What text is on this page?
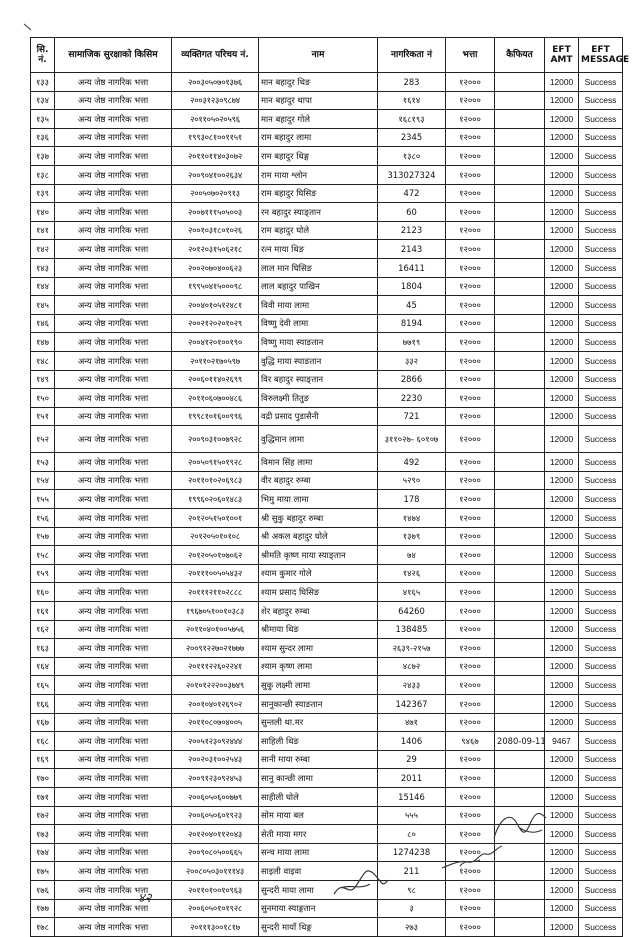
सि. नं.	सामाजिक सुरक्षाको किसिम	व्यक्तिगत परिचय नं.	नाम	नागरिकता नं	भत्ता	कैफियत	EFT AMT	EFT MESSAGE
१३३	अन्य जेष्ठ नागरिक भत्ता	२००३०५०७०१३७६	मान बहादुर थिङ	283	१२०००		12000	Success
१३४	अन्य जेष्ठ नागरिक भत्ता	२००३१२३०९८७४	मान बहादुर थापा	१६१४	१२०००		12000	Success
१३५	अन्य जेष्ठ नागरिक भत्ता	२०११०५०२०५९६	मान बहादुर गोले	१६८१९३	१२०००		12000	Success
१३६	अन्य जेष्ठ नागरिक भत्ता	१९९३०८१००११५१	राम बहादुर लामा	2345	१२०००		12000	Success
१३७	अन्य जेष्ठ नागरिक भत्ता	२०११०११४०३०७२	राम बहादुर थिङ्ग	१३८०	१२०००		12000	Success
१३८	अन्य जेष्ठ नागरिक भत्ता	२००९०४१००२६३४	राम माया श्लोन	313027324	१२०००		12000	Success
१३९	अन्य जेष्ठ नागरिक भत्ता	२००५०७०२०९१३	राम बहादुर घिसिङ	472	१२०००		12000	Success
१४०	अन्य जेष्ठ नागरिक भत्ता	२००७१११५०५००३	रन बहादुर स्याङ्तान	60	१२०००		12000	Success
१४१	अन्य जेष्ठ नागरिक भत्ता	२००१०३१८०१०२६	राम बहादुर घोले	2123	१२०००		12000	Success
१४२	अन्य जेष्ठ नागरिक भत्ता	२०१२०३१५०६२१८	रत्न माया थिङ	2143	१२०००		12000	Success
१४३	अन्य जेष्ठ नागरिक भत्ता	२००२०७०४००६२३	लाल मान घिसिङ	16411	१२०००		12000	Success
१४४	अन्य जेष्ठ नागरिक भत्ता	१९९५०४१५०००९८	लाल बहादुर पाखिन	1804	१२०००		12000	Success
१४५	अन्य जेष्ठ नागरिक भत्ता	२००४०१०५१२४८१	विवी माया लामा	45	१२०००		12000	Success
१४६	अन्य जेष्ठ नागरिक भत्ता	२००२१२०२०१०२९	विष्णु देवी लामा	8194	१२०००		12000	Success
१४७	अन्य जेष्ठ नागरिक भत्ता	२००४१२०१००१९०	विष्णु माया स्याङतान	७७१९	१२०००		12000	Success
१४८	अन्य जेष्ठ नागरिक भत्ता	२०११०२१७०५९७	वुद्धि माया स्याङतान	३३२	१२०००		12000	Success
१४९	अन्य जेष्ठ नागरिक भत्ता	२००६०११४०२६९९	विर बहादुर स्याङ्तान	2866	१२०००		12000	Success
१५०	अन्य जेष्ठ नागरिक भत्ता	२०११०६०७००४८६	विरुलक्ष्मी तितुङ	2230	१२०००		12000	Success
१५१	अन्य जेष्ठ नागरिक भत्ता	१९९८१०१६००९९६	वद्री प्रसाद पुडासैनी	721	१२०००		12000	Success
१५२	अन्य जेष्ठ नागरिक भत्ता	२००९०३१००७९२८	वुद्धिमान लामा	३११०२७- ६०१०७	१२०००		12000	Success
१५३	अन्य जेष्ठ नागरिक भत्ता	२००५०९१५०१९२८	विमान सिंह लामा	492	१२०००		12000	Success
१५४	अन्य जेष्ठ नागरिक भत्ता	२०११०१०२०६९८३	वीर बहादुर रुम्बा	५२९०	१२०००		12000	Success
१५५	अन्य जेष्ठ नागरिक भत्ता	१९९६०२०६०१४८३	भिमु माया लामा	178	१२०००		12000	Success
१५६	अन्य जेष्ठ नागरिक भत्ता	२०१२०५१५०१००१	श्री सुकु बहादुर रुम्बा	१४७४	१२०००		12000	Success
१५७	अन्य जेष्ठ नागरिक भत्ता	२०१२०५०१०१०८	श्री अकल बहादुर घोले	१३७९	१२०००		12000	Success
१५८	अन्य जेष्ठ नागरिक भत्ता	२०१२०५०१०७०६२	श्रीमति कृष्ण माया स्याङ्तान	७४	१२०००		12000	Success
१५९	अन्य जेष्ठ नागरिक भत्ता	२०१११००५०५४३२	श्याम कुमार गोले	१४२६	१२०००		12000	Success
१६०	अन्य जेष्ठ नागरिक भत्ता	२०१११२११०२८८८	श्याम प्रसाद घिसिङ	४१६५	१२०००		12000	Success
१६१	अन्य जेष्ठ नागरिक भत्ता	१९६७०५१००१०३८३	शेर बहादुर रुम्बा	64260	१२०००		12000	Success
१६२	अन्य जेष्ठ नागरिक भत्ता	२०११०४०१००५७५६	श्रीमाया थिङ	138485	१२०००		12000	Success
१६३	अन्य जेष्ठ नागरिक भत्ता	२००९१२२७०२१७७७	श्याम सुन्दर लामा	२६३९-२१५७	१२०००		12000	Success
१६४	अन्य जेष्ठ नागरिक भत्ता	२०१११२२६०२२४१	श्याम कृष्ण लामा	४८७२	१२०००		12000	Success
१६५	अन्य जेष्ठ नागरिक भत्ता	२०१०१२२२००३७४९	सुकु लक्ष्मी लामा	२४३३	१२०००		12000	Success
१६६	अन्य जेष्ठ नागरिक भत्ता	२००१०४०१२६९०२	सानुकान्छी स्याङतान	142367	१२०००		12000	Success
१६७	अन्य जेष्ठ नागरिक भत्ता	२०११०८०७०४००५	सुन्तली था.मर	४७१	१२०००		12000	Success
१६८	अन्य जेष्ठ नागरिक भत्ता	२००५१२३०९२४४४	साहिली थिङ	1406	९४६७	2080-09-11	9467	Success
१६९	अन्य जेष्ठ नागरिक भत्ता	२००२०३१००२५४३	सानी माया रुम्बा	29	१२०००		12000	Success
१७०	अन्य जेष्ठ नागरिक भत्ता	२००९१२३०९२४५३	सानु कान्छी लामा	2011	१२०००		12000	Success
१७१	अन्य जेष्ठ नागरिक भत्ता	२००६०५०६००७७९	साहीली घोले	15146	१२०००		12000	Success
१७२	अन्य जेष्ठ नागरिक भत्ता	२००६०५०६०१९२३	सोम माया बल	५५५	१२०००		12000	Success
१७३	अन्य जेष्ठ नागरिक भत्ता	२०१२०४०११२०४३	सेती माया मगर	८०	१२०००		12000	Success
१७४	अन्य जेष्ठ नागरिक भत्ता	२००९०८०५००६६५	सन्च माया लामा	1274238	१२०००		12000	Success
१७५	अन्य जेष्ठ नागरिक भत्ता	२००८०५०३०१११४३	साइली वाइवा	211	१२०००		12000	Success
१७६	अन्य जेष्ठ नागरिक भत्ता	२०११०१००१०९६३	सुन्दरी माया लामा	९८	१२०००		12000	Success
१७७	अन्य जेष्ठ नागरिक भत्ता	२००६०५०१०१९२८	सुनमाया स्याङ्गतान	३	१२०००		12000	Success
१७८	अन्य जेष्ठ नागरिक भत्ता	२०१११३००१८१७	सुन्दरी मायाँ थिङ्ग	२७३	१२०००		12000	Success
४२
